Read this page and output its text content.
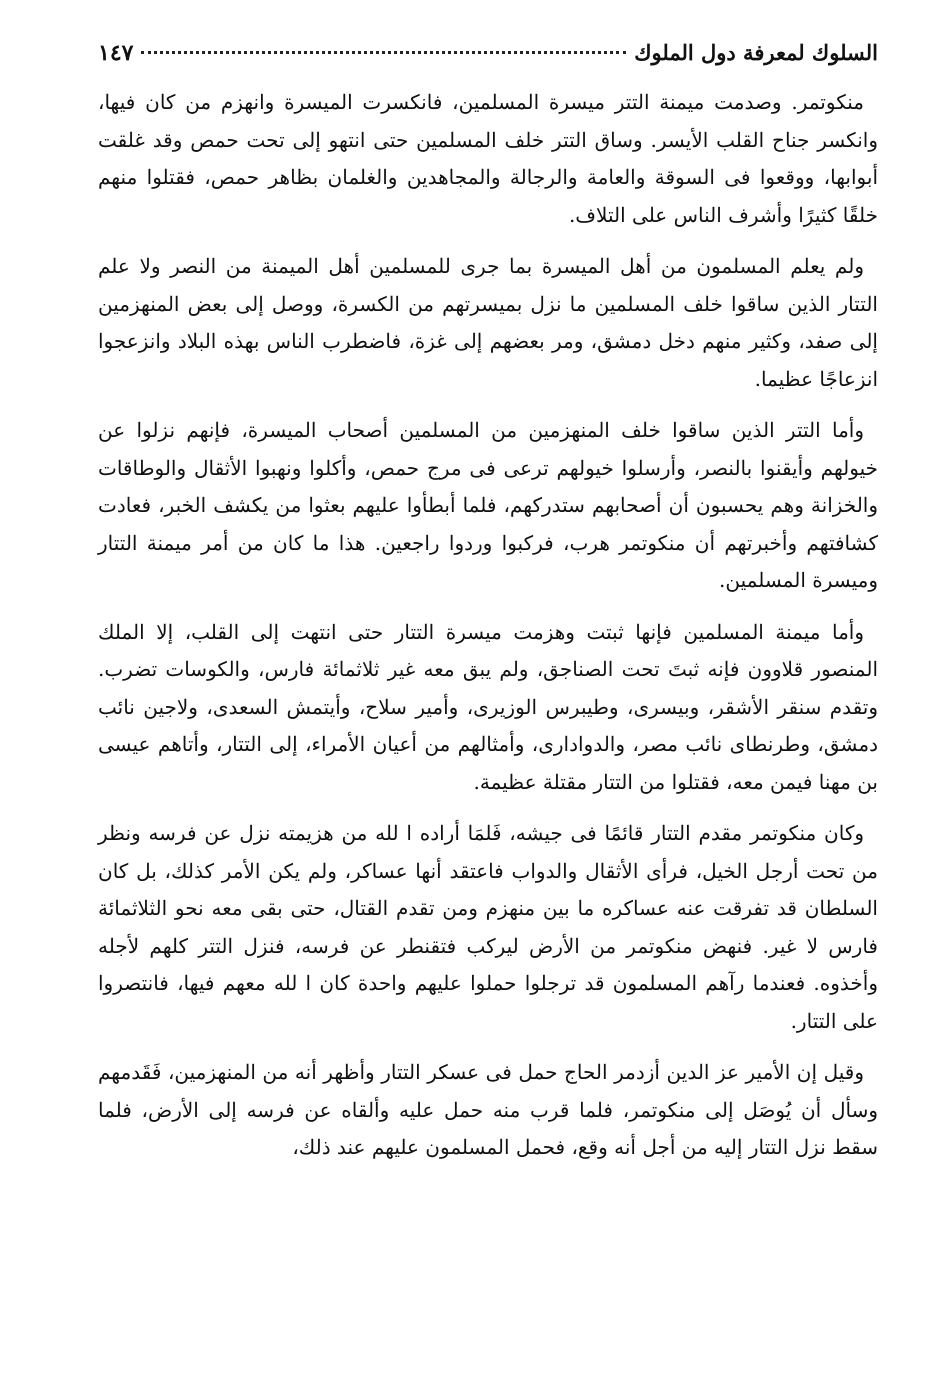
السلوك لمعرفة دول الملوك
١٤٧

منكوتمر. وصدمت ميمنة التتر ميسرة المسلمين، فانكسرت الميسرة وانهزم من كان فيها، وانكسر جناح القلب الأيسر. وساق التتر خلف المسلمين حتى انتهو إلى تحت حمص وقد غلقت أبوابها، ووقعوا فى السوقة والعامة والرجالة والمجاهدين والغلمان بظاهر حمص، فقتلوا منهم خلقًا كثيرًا وأشرف الناس على التلاف.

ولم يعلم المسلمون من أهل الميسرة بما جرى للمسلمين أهل الميمنة من النصر ولا علم التتار الذين ساقوا خلف المسلمين ما نزل بميسرتهم من الكسرة، ووصل إلى بعض المنهزمين إلى صفد، وكثير منهم دخل دمشق، ومر بعضهم إلى غزة، فاضطرب الناس بهذه البلاد وانزعجوا انزعاجًا عظيما.

وأما التتر الذين ساقوا خلف المنهزمين من المسلمين أصحاب الميسرة، فإنهم نزلوا عن خيولهم وأيقنوا بالنصر، وأرسلوا خيولهم ترعى فى مرج حمص، وأكلوا ونهبوا الأثقال والوطاقات والخزانة وهم يحسبون أن أصحابهم ستدركهم، فلما أبطأوا عليهم بعثوا من يكشف الخبر، فعادت كشافتهم وأخبرتهم أن منكوتمر هرب، فركبوا وردوا راجعين. هذا ما كان من أمر ميمنة التتار وميسرة المسلمين.

وأما ميمنة المسلمين فإنها ثبتت وهزمت ميسرة التتار حتى انتهت إلى القلب، إلا الملك المنصور قلاوون فإنه ثبتَ تحت الصناجق، ولم يبق معه غير ثلاثمائة فارس، والكوسات تضرب. وتقدم سنقر الأشقر، وبيسرى، وطيبرس الوزيرى، وأمير سلاح، وأيتمش السعدى، ولاجين نائب دمشق، وطرنطاى نائب مصر، والدوادارى، وأمثالهم من أعيان الأمراء، إلى التتار، وأتاهم عيسى بن مهنا فيمن معه، فقتلوا من التتار مقتلة عظيمة.

وكان منكوتمر مقدم التتار قائمًا فى جيشه، فَلمَا أراده ا لله من هزيمته نزل عن فرسه ونظر من تحت أرجل الخيل، فرأى الأثقال والدواب فاعتقد أنها عساكر، ولم يكن الأمر كذلك، بل كان السلطان قد تفرقت عنه عساكره ما بين منهزم ومن تقدم القتال، حتى بقى معه نحو الثلاثمائة فارس لا غير. فنهض منكوتمر من الأرض ليركب فتقنطر عن فرسه، فنزل التتر كلهم لأجله وأخذوه. فعندما رآهم المسلمون قد ترجلوا حملوا عليهم واحدة كان ا لله معهم فيها، فانتصروا على التتار.

وقيل إن الأمير عز الدين أزدمر الحاج حمل فى عسكر التتار وأظهر أنه من المنهزمين، فَقَدمهم وسأل أن يُوصَل إلى منكوتمر، فلما قرب منه حمل عليه وألقاه عن فرسه إلى الأرض، فلما سقط نزل التتار إليه من أجل أنه وقع، فحمل المسلمون عليهم عند ذلك،
